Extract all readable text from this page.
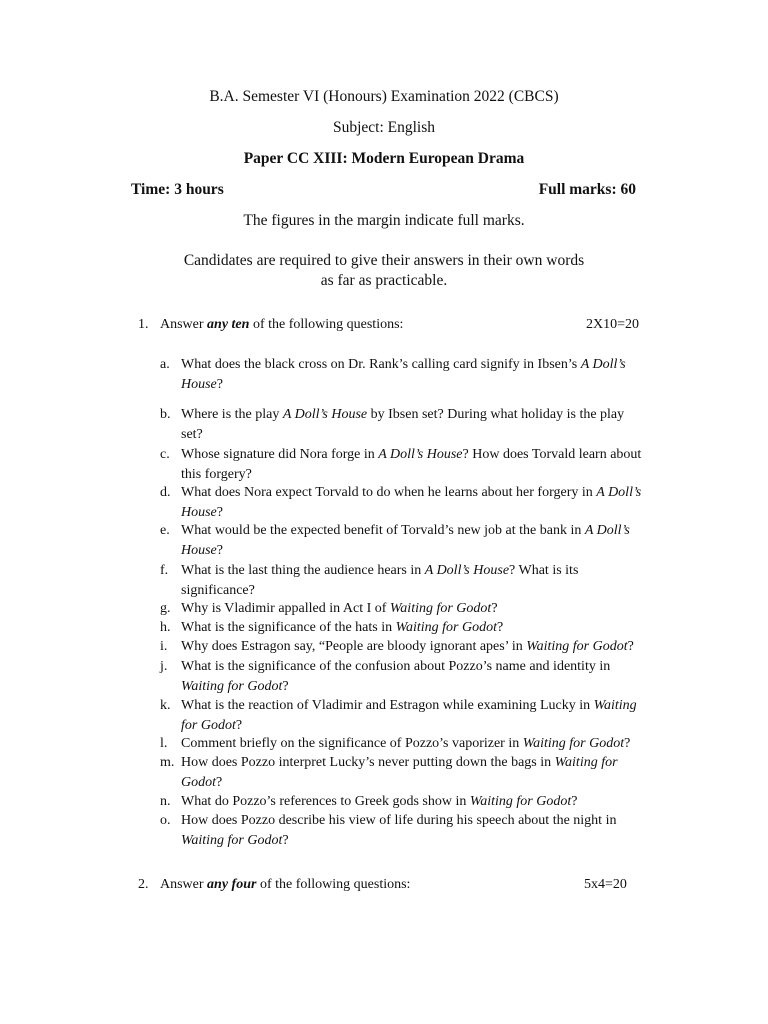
B.A. Semester VI (Honours) Examination 2022 (CBCS)
Subject: English
Paper CC XIII: Modern European Drama
Time: 3 hours	Full marks: 60
The figures in the margin indicate full marks.
Candidates are required to give their answers in their own words
as far as practicable.
1. Answer any ten of the following questions:	2X10=20
a. What does the black cross on Dr. Rank’s calling card signify in Ibsen’s A Doll’s House?
b. Where is the play A Doll’s House by Ibsen set? During what holiday is the play set?
c. Whose signature did Nora forge in A Doll’s House? How does Torvald learn about this forgery?
d. What does Nora expect Torvald to do when he learns about her forgery in A Doll’s House?
e. What would be the expected benefit of Torvald’s new job at the bank in A Doll’s House?
f. What is the last thing the audience hears in A Doll’s House? What is its significance?
g. Why is Vladimir appalled in Act I of Waiting for Godot?
h. What is the significance of the hats in Waiting for Godot?
i. Why does Estragon say, “People are bloody ignorant apes’ in Waiting for Godot?
j. What is the significance of the confusion about Pozzo’s name and identity in Waiting for Godot?
k. What is the reaction of Vladimir and Estragon while examining Lucky in Waiting for Godot?
l. Comment briefly on the significance of Pozzo’s vaporizer in Waiting for Godot?
m. How does Pozzo interpret Lucky’s never putting down the bags in Waiting for Godot?
n. What do Pozzo’s references to Greek gods show in Waiting for Godot?
o. How does Pozzo describe his view of life during his speech about the night in Waiting for Godot?
2. Answer any four of the following questions:	5x4=20
